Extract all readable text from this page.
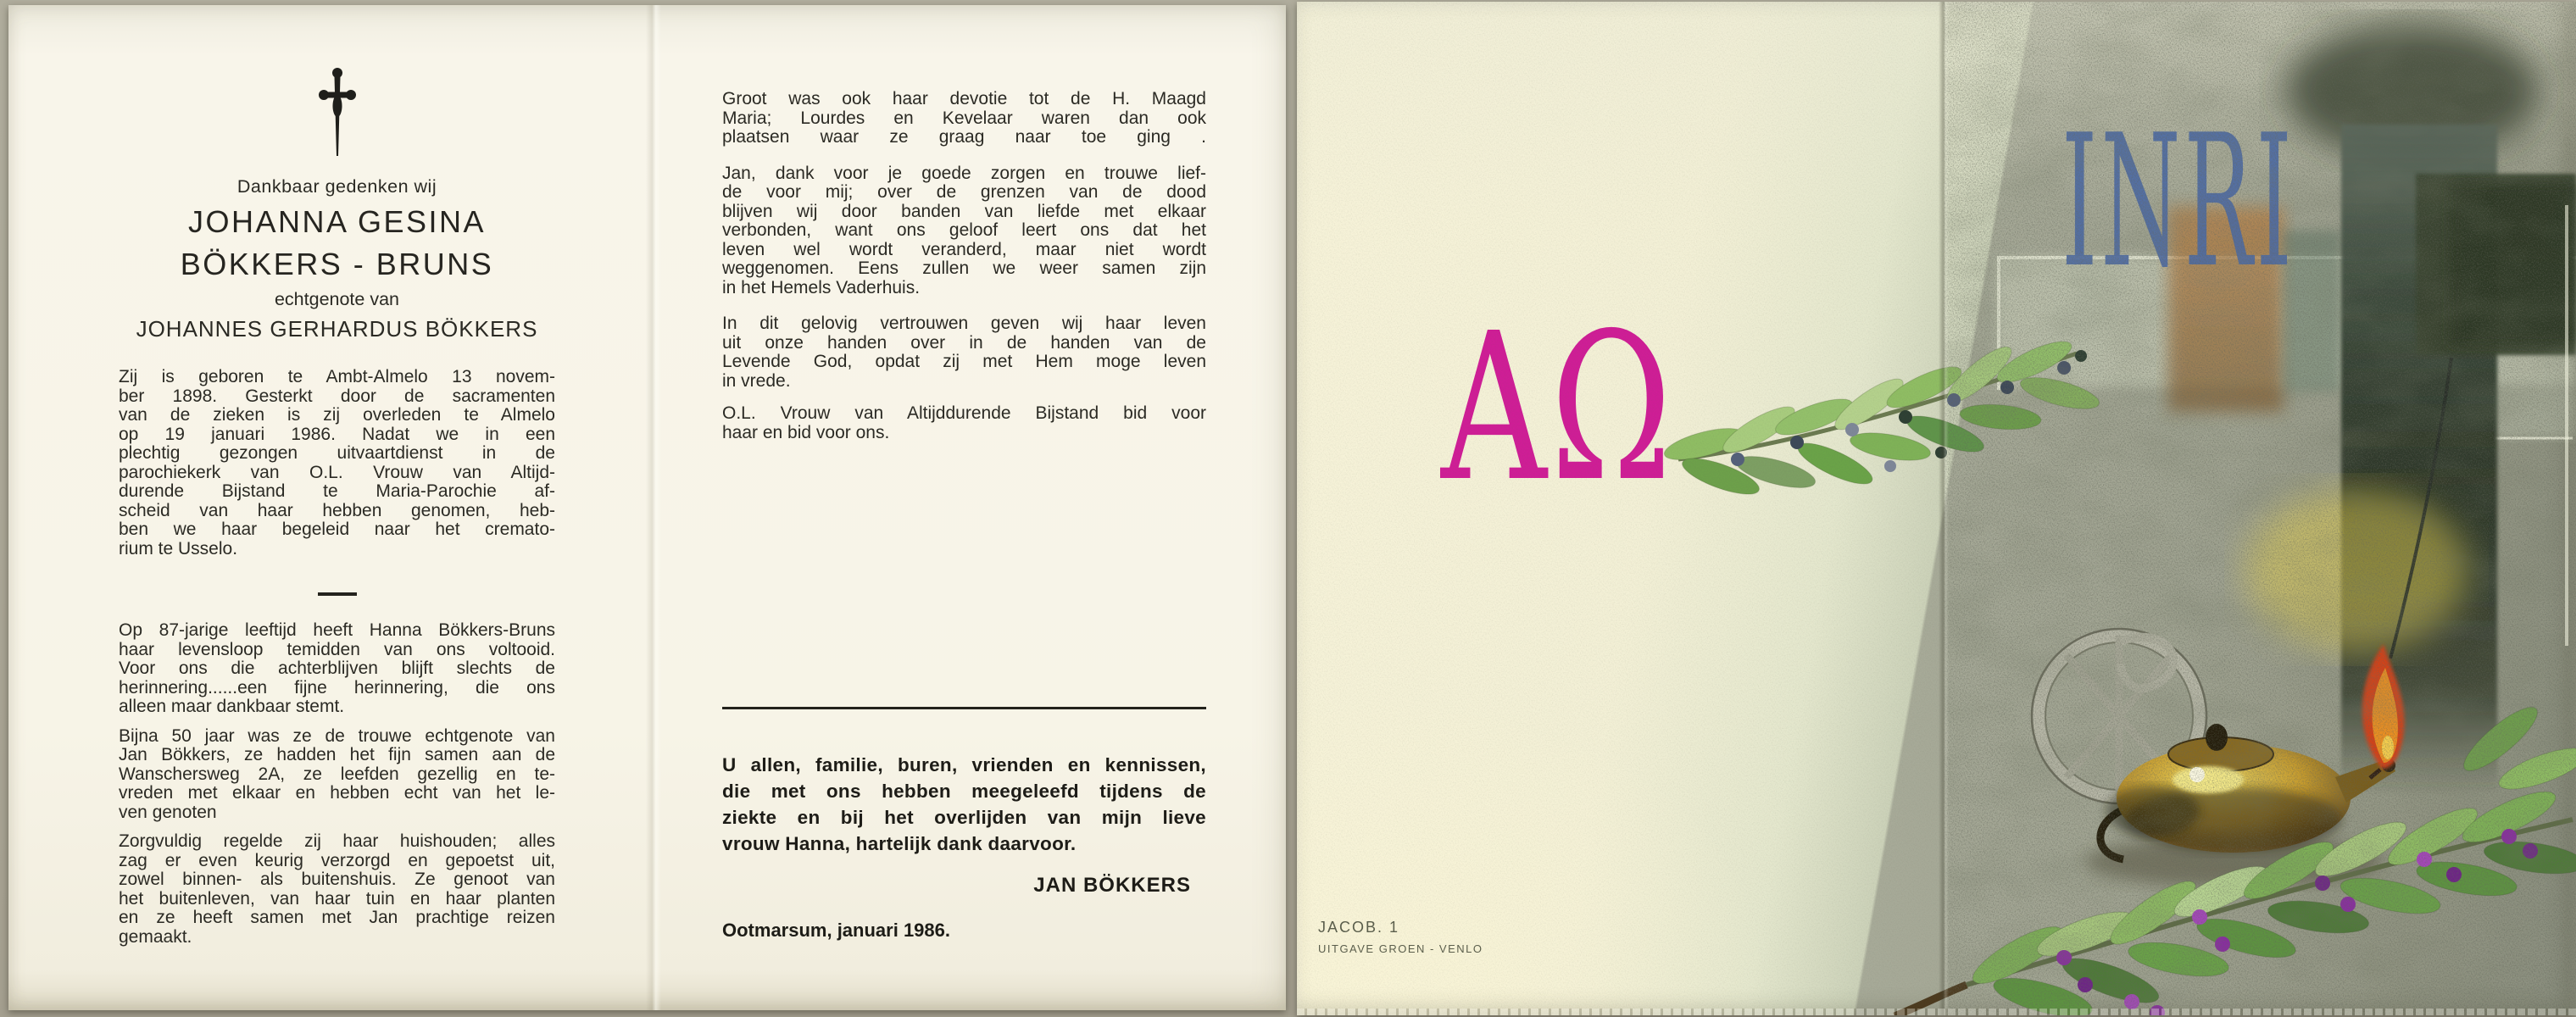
Dankbaar gedenken wij
JOHANNA GESINA
BÖKKERS - BRUNS
echtgenote van
JOHANNES GERHARDUS BÖKKERS
Zij is geboren te Ambt-Almelo 13 novem-
ber 1898. Gesterkt door de sacramenten
van de zieken is zij overleden te Almelo
op 19 januari 1986. Nadat we in een
plechtig gezongen uitvaartdienst in de
parochiekerk van O.L. Vrouw van Altijd-
durende Bijstand te Maria-Parochie af-
scheid van haar hebben genomen, heb-
ben we haar begeleid naar het cremato-
rium te Usselo.
Op 87-jarige leeftijd heeft Hanna Bökkers-Bruns
haar levensloop temidden van ons voltooid.
Voor ons die achterblijven blijft slechts de
herinnering......een fijne herinnering, die ons
alleen maar dankbaar stemt.
Bijna 50 jaar was ze de trouwe echtgenote van
Jan Bökkers, ze hadden het fijn samen aan de
Wanschersweg 2A, ze leefden gezellig en te-
vreden met elkaar en hebben echt van het le-
ven genoten
Zorgvuldig regelde zij haar huishouden; alles
zag er even keurig verzorgd en gepoetst uit,
zowel binnen- als buitenshuis. Ze genoot van
het buitenleven, van haar tuin en haar planten
en ze heeft samen met Jan prachtige reizen
gemaakt.
Groot was ook haar devotie tot de H. Maagd
Maria; Lourdes en Kevelaar waren dan ook
plaatsen waar ze graag naar toe ging .
Jan, dank voor je goede zorgen en trouwe lief-
de voor mij; over de grenzen van de dood
blijven wij door banden van liefde met elkaar
verbonden, want ons geloof leert ons dat het
leven wel wordt veranderd, maar niet wordt
weggenomen. Eens zullen we weer samen zijn
in het Hemels Vaderhuis.
In dit gelovig vertrouwen geven wij haar leven
uit onze handen over in de handen van de
Levende God, opdat zij met Hem moge leven
in vrede.
O.L. Vrouw van Altijddurende Bijstand bid voor
haar en bid voor ons.
U allen, familie, buren, vrienden en kennissen,
die met ons hebben meegeleefd tijdens de
ziekte en bij het overlijden van mijn lieve
vrouw Hanna, hartelijk dank daarvoor.
JAN BÖKKERS
Ootmarsum, januari 1986.
ΑΩ
JACOB. 1
UITGAVE GROEN - VENLO
